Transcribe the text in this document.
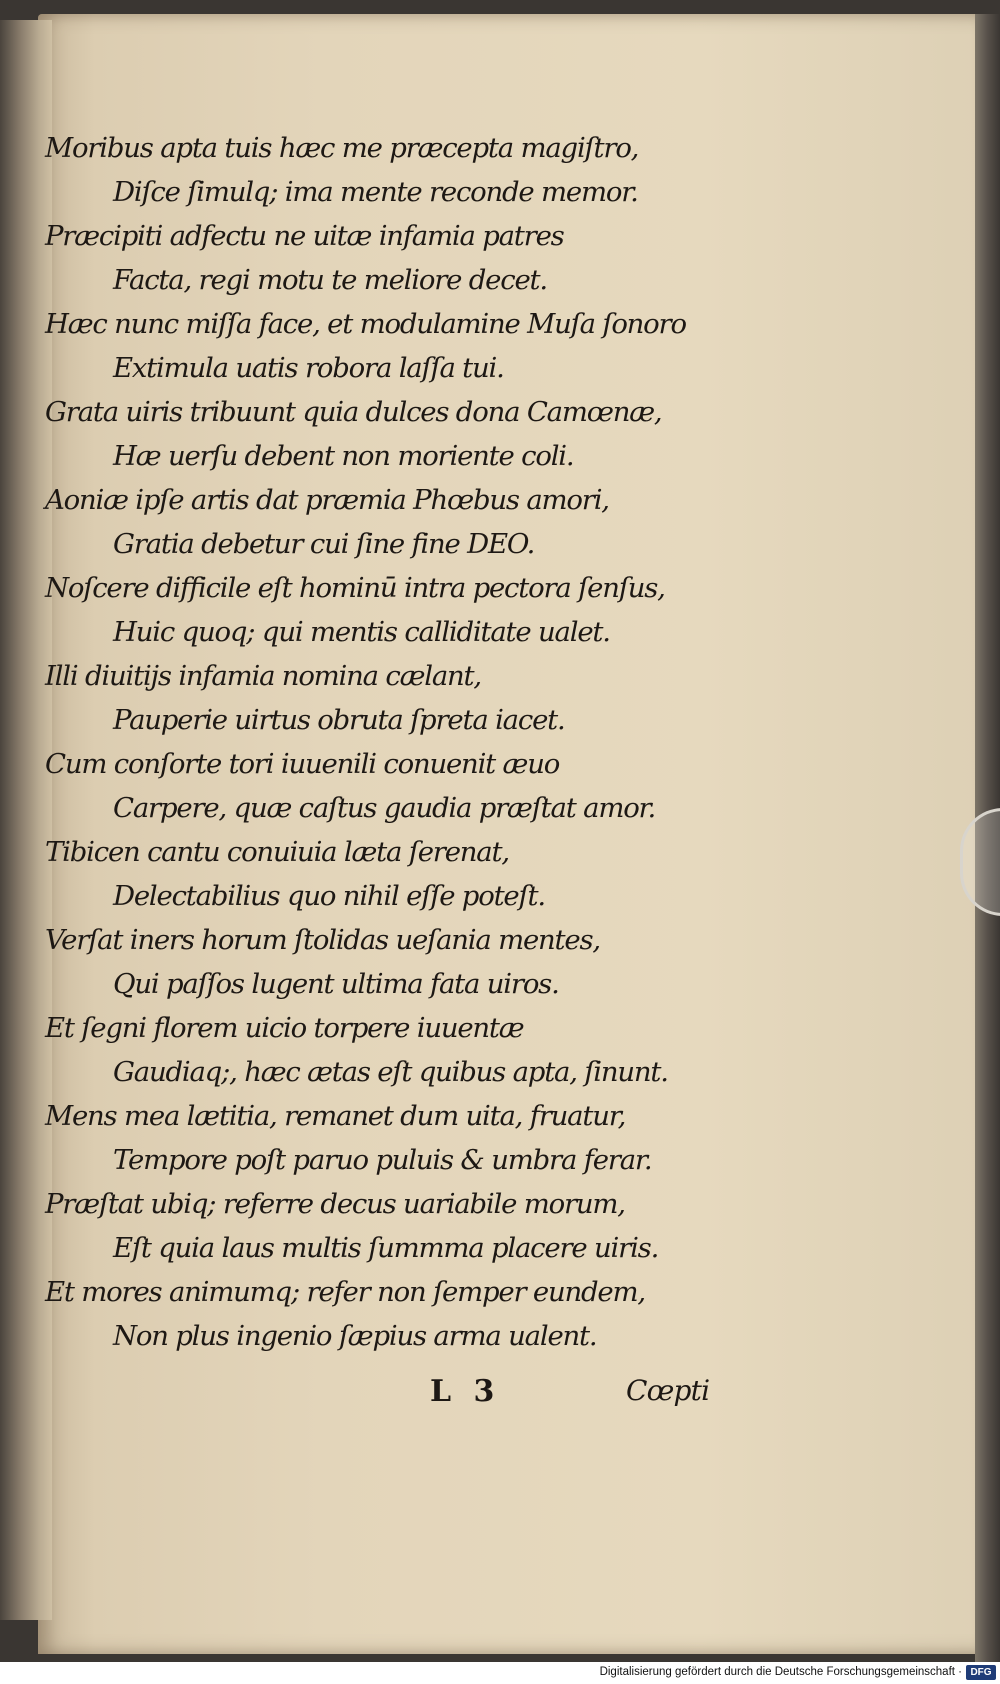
Moribus apta tuis hæc me præcepta magiſtro,
Diſce ſimulq; ima mente reconde memor.
Præcipiti adfectu ne uitæ infamia patres
Facta, regi motu te meliore decet.
Hæc nunc miſſa face, et modulamine Muſa ſonoro
Extimula uatis robora laſſa tui.
Grata uiris tribuunt quia dulces dona Camœnæ,
Hæ uerſu debent non moriente coli.
Aoniæ ipſe artis dat præmia Phœbus amori,
Gratia debetur cui ſine fine DEO.
Noſcere difficile eſt hominū intra pectora ſenſus,
Huic quoq; qui mentis calliditate ualet.
Illi diuitijs infamia nomina cælant,
Pauperie uirtus obruta ſpreta iacet.
Cum conſorte tori iuuenili conuenit æuo
Carpere, quæ caſtus gaudia præſtat amor.
Tibicen cantu conuiuia læta ſerenat,
Delectabilius quo nihil eſſe poteſt.
Verſat iners horum ſtolidas ueſania mentes,
Qui paſſos lugent ultima fata uiros.
Et ſegni florem uicio torpere iuuentæ
Gaudiaq;, hæc ætas eſt quibus apta, ſinunt.
Mens mea lætitia, remanet dum uita, fruatur,
Tempore poſt paruo puluis & umbra ferar.
Præſtat ubiq; referre decus uariabile morum,
Eſt quia laus multis ſummma placere uiris.
Et mores animumq; refer non ſemper eundem,
Non plus ingenio ſæpius arma ualent.
L 3	Cœpti
Digitalisierung gefördert durch die Deutsche Forschungsgemeinschaft · DFG
